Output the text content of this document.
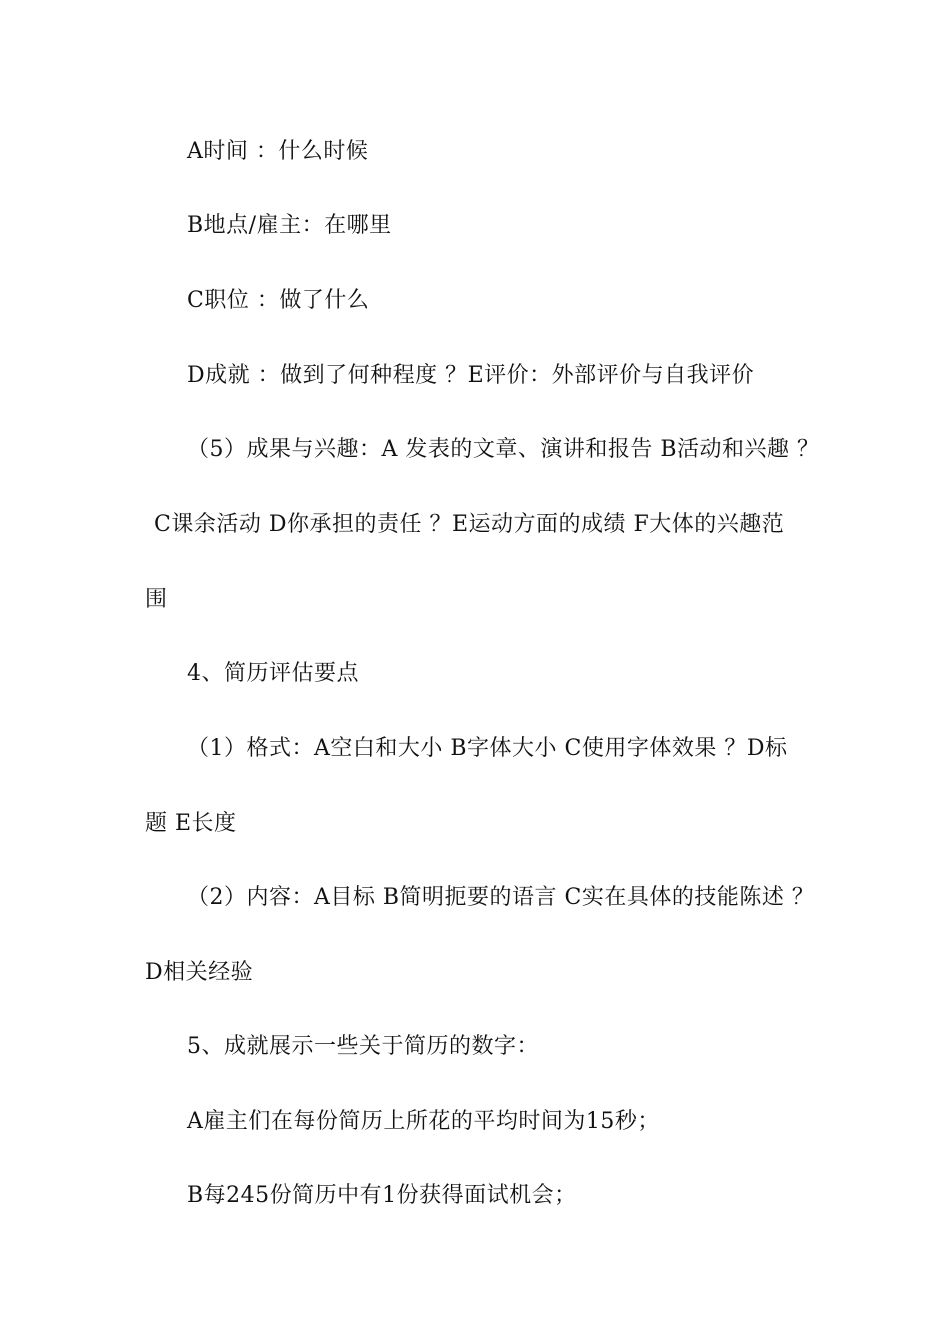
A时间 ：什么时候
B地点/雇主：在哪里
C职位 ：做了什么
D成就 ：做到了何种程度 ？E评价：外部评价与自我评价
（5）成果与兴趣：A 发表的文章、演讲和报告 B活动和兴趣 ？
C课余活动 D你承担的责任 ？E运动方面的成绩 F大体的兴趣范
围
4、简历评估要点
（1）格式：A空白和大小 B字体大小 C使用字体效果 ？D标
题 E长度
（2）内容：A目标 B简明扼要的语言 C实在具体的技能陈述 ？
D相关经验
5、成就展示一些关于简历的数字：
A雇主们在每份简历上所花的平均时间为15秒；
B每245份简历中有1份获得面试机会；
